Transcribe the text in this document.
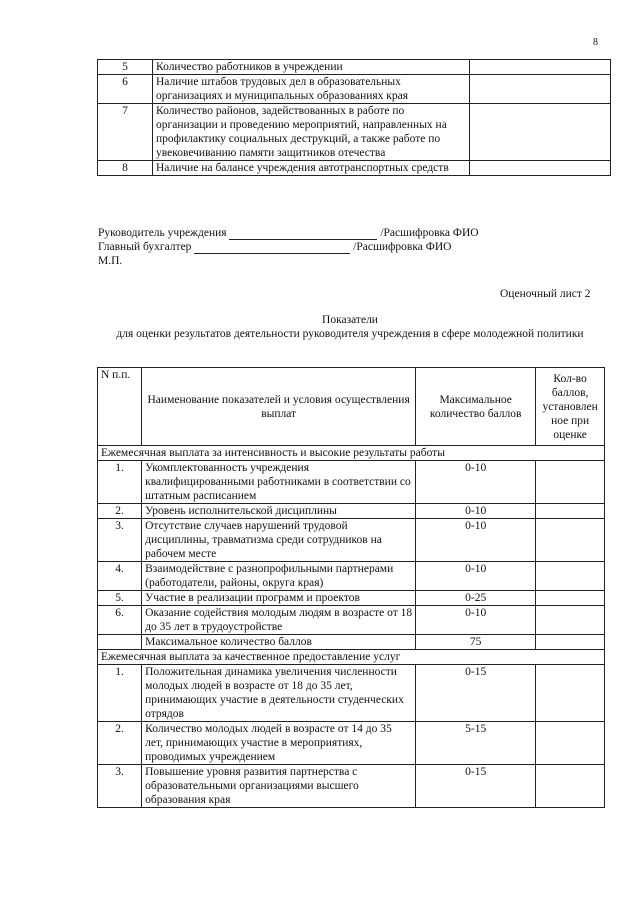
8
5	Количество работников в учреждении	
6	Наличие штабов трудовых дел в образовательных организациях и муниципальных образованиях края	
7	Количество районов, задействованных в работе по организации и проведению мероприятий, направленных на профилактику социальных деструкций, а также работе по увековечиванию памяти защитников отечества	
8	Наличие на балансе учреждения автотранспортных средств	
Руководитель учреждения	/Расшифровка ФИО
Главный бухгалтер	/Расшифровка ФИО
М.П.
Оценочный лист 2
Показатели
для оценки результатов деятельности руководителя учреждения в сфере молодежной политики
N п.п.	Наименование показателей и условия осуществления выплат	Максимальное количество баллов	Кол-во баллов, установлен ное при оценке
Ежемесячная выплата за интенсивность и высокие результаты работы			
1.	Укомплектованность учреждения квалифицированными работниками в соответствии со штатным расписанием	0-10	
2.	Уровень исполнительской дисциплины	0-10	
3.	Отсутствие случаев нарушений трудовой дисциплины, травматизма среди сотрудников на рабочем месте	0-10	
4.	Взаимодействие с разнопрофильными партнерами (работодатели, районы, округа края)	0-10	
5.	Участие в реализации программ и проектов	0-25	
6.	Оказание содействия молодым людям в возрасте от 18 до 35 лет в трудоустройстве	0-10	
	Максимальное количество баллов	75	
Ежемесячная выплата за качественное предоставление услуг			
1.	Положительная динамика увеличения численности молодых людей в возрасте от 18 до 35 лет, принимающих участие в деятельности студенческих отрядов	0-15	
2.	Количество молодых людей в возрасте от 14 до 35 лет, принимающих участие в мероприятиях, проводимых учреждением	5-15	
3.	Повышение уровня развития партнерства с образовательными организациями высшего образования края	0-15	
